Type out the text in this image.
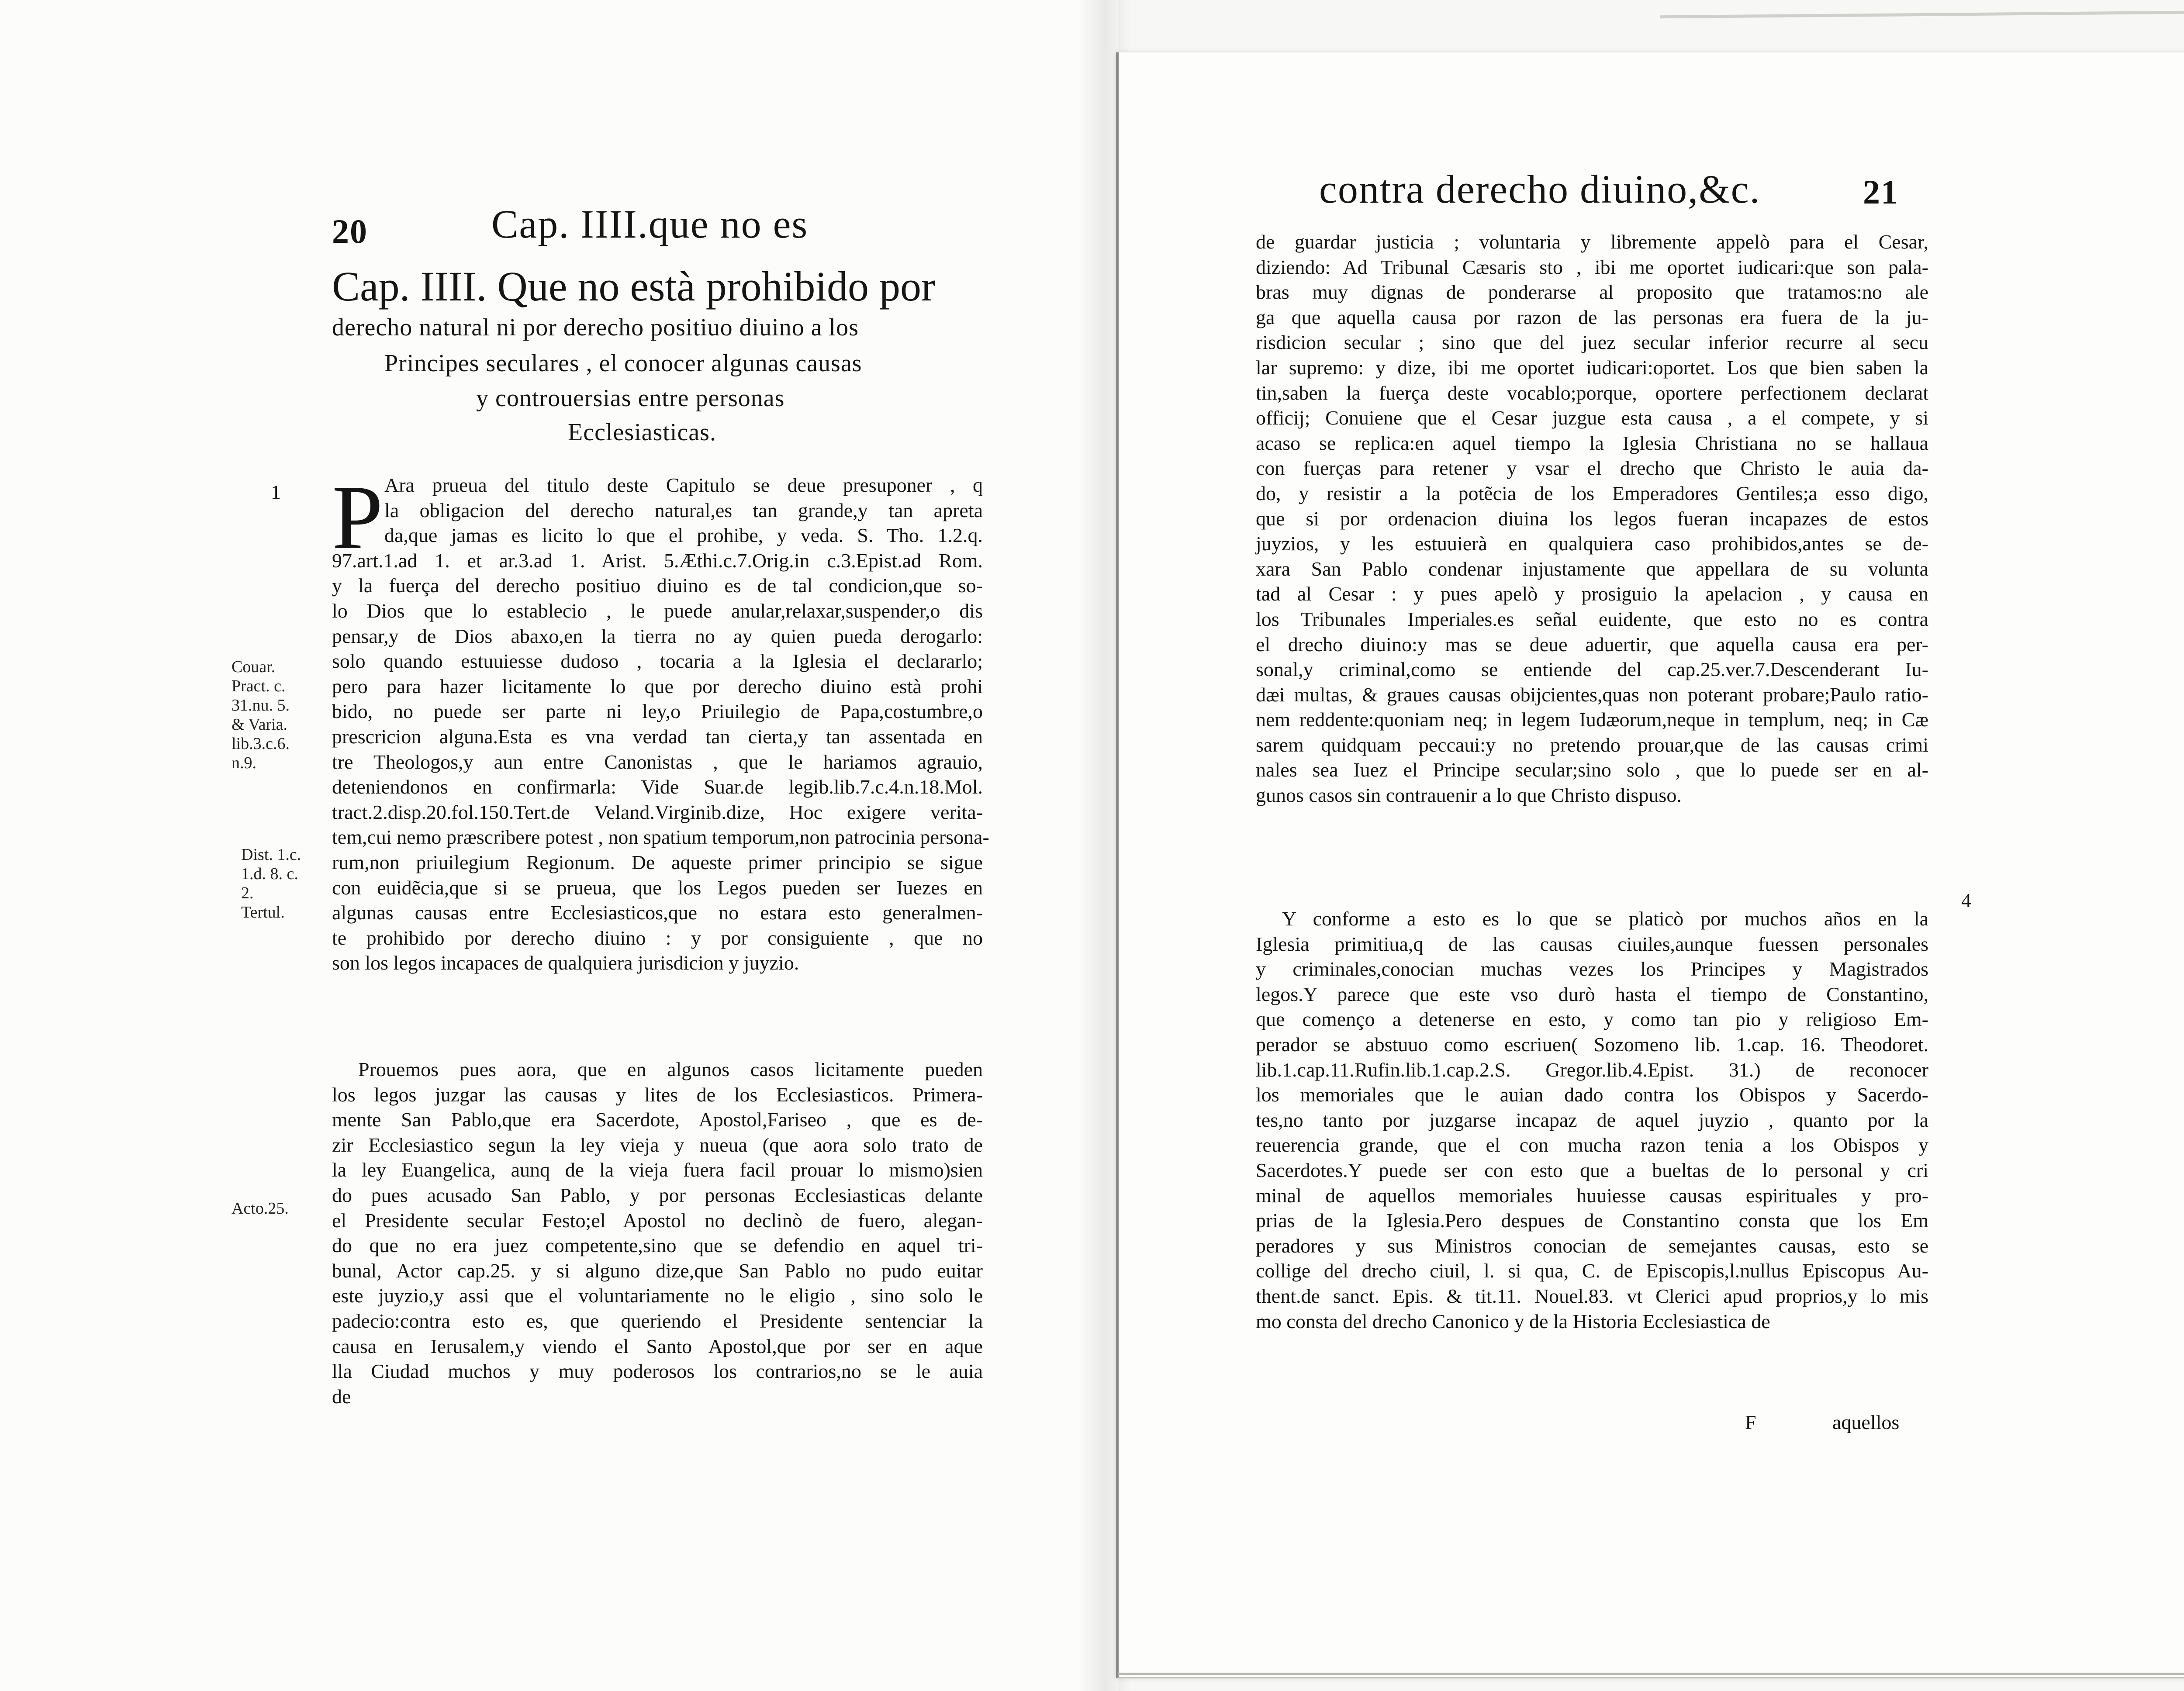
20	Cap. IIII.que no es
Cap. IIII. Que no està prohibido por
derecho natural ni por derecho positiuo diuino a los
Principes seculares , el conocer algunas causas
y controuersias entre personas
Ecclesiasticas.
1
Couar.
Pract. c.
31.nu. 5.
& Varia.
lib.3.c.6.
n.9.
Dist. 1.c.
1.d. 8. c.
2.
Tertul.
Acto.25.
P Ara prueua del titulo deste Capitulo se deue presuponer , q
la obligacion del derecho natural,es tan grande,y tan apreta
da,que jamas es licito lo que el prohibe, y veda. S. Tho. 1.2.q.
97.art.1.ad 1. et ar.3.ad 1. Arist. 5.Æthi.c.7.Orig.in c.3.Epist.ad Rom.
y la fuerça del derecho positiuo diuino es de tal condicion,que so-
lo Dios que lo establecio , le puede anular,relaxar,suspender,o dis
pensar,y de Dios abaxo,en la tierra no ay quien pueda derogarlo:
solo quando estuuiesse dudoso , tocaria a la Iglesia el declararlo;
pero para hazer licitamente lo que por derecho diuino està prohi
bido, no puede ser parte ni ley,o Priuilegio de Papa,costumbre,o
prescricion alguna.Esta es vna verdad tan cierta,y tan assentada en
tre Theologos,y aun entre Canonistas , que le hariamos agrauio,
deteniendonos en confirmarla: Vide Suar.de legib.lib.7.c.4.n.18.Mol.
tract.2.disp.20.fol.150.Tert.de Veland.Virginib.dize, Hoc exigere verita-
tem,cui nemo præscribere potest , non spatium temporum,non patrocinia persona-
rum,non priuilegium Regionum. De aqueste primer principio se sigue
con euidẽcia,que si se prueua, que los Legos pueden ser Iuezes en
algunas causas entre Ecclesiasticos,que no estara esto generalmen-
te prohibido por derecho diuino : y por consiguiente , que no
son los legos incapaces de qualquiera jurisdicion y juyzio.
Prouemos pues aora, que en algunos casos licitamente pueden
los legos juzgar las causas y lites de los Ecclesiasticos. Primera-
mente San Pablo,que era Sacerdote, Apostol,Fariseo , que es de-
zir Ecclesiastico segun la ley vieja y nueua (que aora solo trato de
la ley Euangelica, aunq de la vieja fuera facil prouar lo mismo)sien
do pues acusado San Pablo, y por personas Ecclesiasticas delante
el Presidente secular Festo;el Apostol no declinò de fuero, alegan-
do que no era juez competente,sino que se defendio en aquel tri-
bunal, Actor cap.25. y si alguno dize,que San Pablo no pudo euitar
este juyzio,y assi que el voluntariamente no le eligio , sino solo le
padecio:contra esto es, que queriendo el Presidente sentenciar la
causa en Ierusalem,y viendo el Santo Apostol,que por ser en aque
lla Ciudad muchos y muy poderosos los contrarios,no se le auia
de
contra derecho diuino,&c.	21
de guardar justicia ; voluntaria y libremente appelò para el Cesar,
diziendo: Ad Tribunal Cæsaris sto , ibi me oportet iudicari:que son pala-
bras muy dignas de ponderarse al proposito que tratamos:no ale
ga que aquella causa por razon de las personas era fuera de la ju-
risdicion secular ; sino que del juez secular inferior recurre al secu
lar supremo: y dize, ibi me oportet iudicari:oportet. Los que bien saben la
tin,saben la fuerça deste vocablo;porque, oportere perfectionem declarat
officij; Conuiene que el Cesar juzgue esta causa , a el compete, y si
acaso se replica:en aquel tiempo la Iglesia Christiana no se hallaua
con fuerças para retener y vsar el drecho que Christo le auia da-
do, y resistir a la potẽcia de los Emperadores Gentiles;a esso digo,
que si por ordenacion diuina los legos fueran incapazes de estos
juyzios, y les estuuierà en qualquiera caso prohibidos,antes se de-
xara San Pablo condenar injustamente que appellara de su volunta
tad al Cesar : y pues apelò y prosiguio la apelacion , y causa en
los Tribunales Imperiales.es señal euidente, que esto no es contra
el drecho diuino:y mas se deue aduertir, que aquella causa era per-
sonal,y criminal,como se entiende del cap.25.ver.7.Descenderant Iu-
dæi multas, & graues causas obijcientes,quas non poterant probare;Paulo ratio-
nem reddente:quoniam neq; in legem Iudæorum,neque in templum, neq; in Cæ
sarem quidquam peccaui:y no pretendo prouar,que de las causas crimi
nales sea Iuez el Principe secular;sino solo , que lo puede ser en al-
gunos casos sin contrauenir a lo que Christo dispuso.
Y conforme a esto es lo que se platicò por muchos años en la
Iglesia primitiua,q de las causas ciuiles,aunque fuessen personales
y criminales,conocian muchas vezes los Principes y Magistrados
legos.Y parece que este vso durò hasta el tiempo de Constantino,
que començo a detenerse en esto, y como tan pio y religioso Em-
perador se abstuuo como escriuen( Sozomeno lib. 1.cap. 16. Theodoret.
lib.1.cap.11.Rufin.lib.1.cap.2.S. Gregor.lib.4.Epist. 31.) de reconocer
los memoriales que le auian dado contra los Obispos y Sacerdo-
tes,no tanto por juzgarse incapaz de aquel juyzio , quanto por la
reuerencia grande, que el con mucha razon tenia a los Obispos y
Sacerdotes.Y puede ser con esto que a bueltas de lo personal y cri
minal de aquellos memoriales huuiesse causas espirituales y pro-
prias de la Iglesia.Pero despues de Constantino consta que los Em
peradores y sus Ministros conocian de semejantes causas, esto se
collige del drecho ciuil, l. si qua, C. de Episcopis,l.nullus Episcopus Au-
thent.de sanct. Epis. & tit.11. Nouel.83. vt Clerici apud proprios,y lo mis
mo consta del drecho Canonico y de la Historia Ecclesiastica de
4
F	aquellos
